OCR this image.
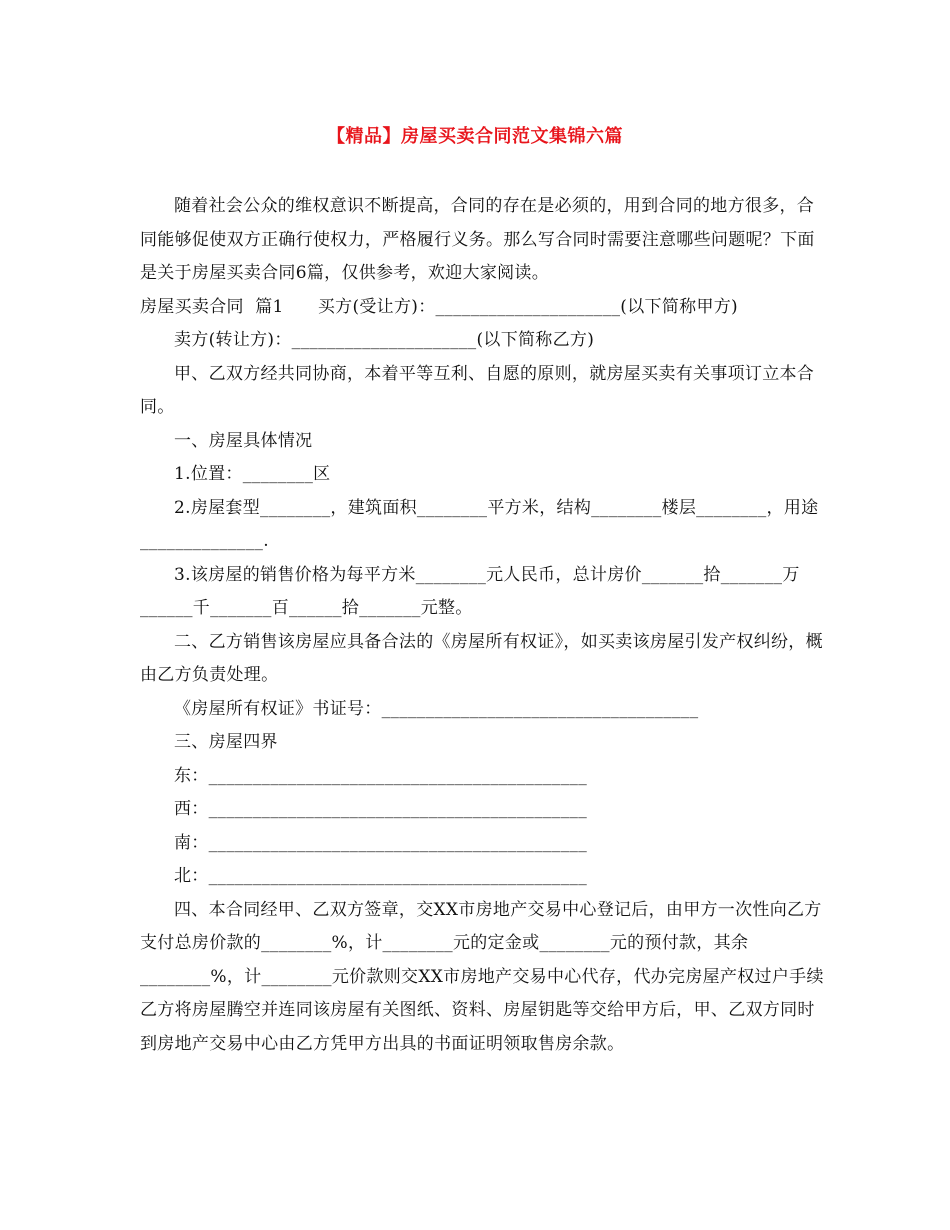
【精品】房屋买卖合同范文集锦六篇

随着社会公众的维权意识不断提高，合同的存在是必须的，用到合同的地方很多，合同能够促使双方正确行使权力，严格履行义务。那么写合同时需要注意哪些问题呢？下面是关于房屋买卖合同6篇，仅供参考，欢迎大家阅读。

房屋买卖合同  篇1      买方(受让方)：_____________________(以下简称甲方)

卖方(转让方)：_____________________(以下简称乙方)

甲、乙双方经共同协商，本着平等互利、自愿的原则，就房屋买卖有关事项订立本合同。

一、房屋具体情况

1.位置：________区

2.房屋套型________，建筑面积________平方米，结构________楼层________，用途______________.

3.该房屋的销售价格为每平方米________元人民币，总计房价_______拾_______万______千_______百______拾_______元整。

二、乙方销售该房屋应具备合法的《房屋所有权证》，如买卖该房屋引发产权纠纷，概由乙方负责处理。

《房屋所有权证》书证号：____________________________________

三、房屋四界

东：___________________________________________

西：___________________________________________

南：___________________________________________

北：___________________________________________

四、本合同经甲、乙双方签章，交XX市房地产交易中心登记后，由甲方一次性向乙方支付总房价款的________%，计________元的定金或________元的预付款，其余________%，计________元价款则交XX市房地产交易中心代存，代办完房屋产权过户手续乙方将房屋腾空并连同该房屋有关图纸、资料、房屋钥匙等交给甲方后，甲、乙双方同时到房地产交易中心由乙方凭甲方出具的书面证明领取售房余款。
